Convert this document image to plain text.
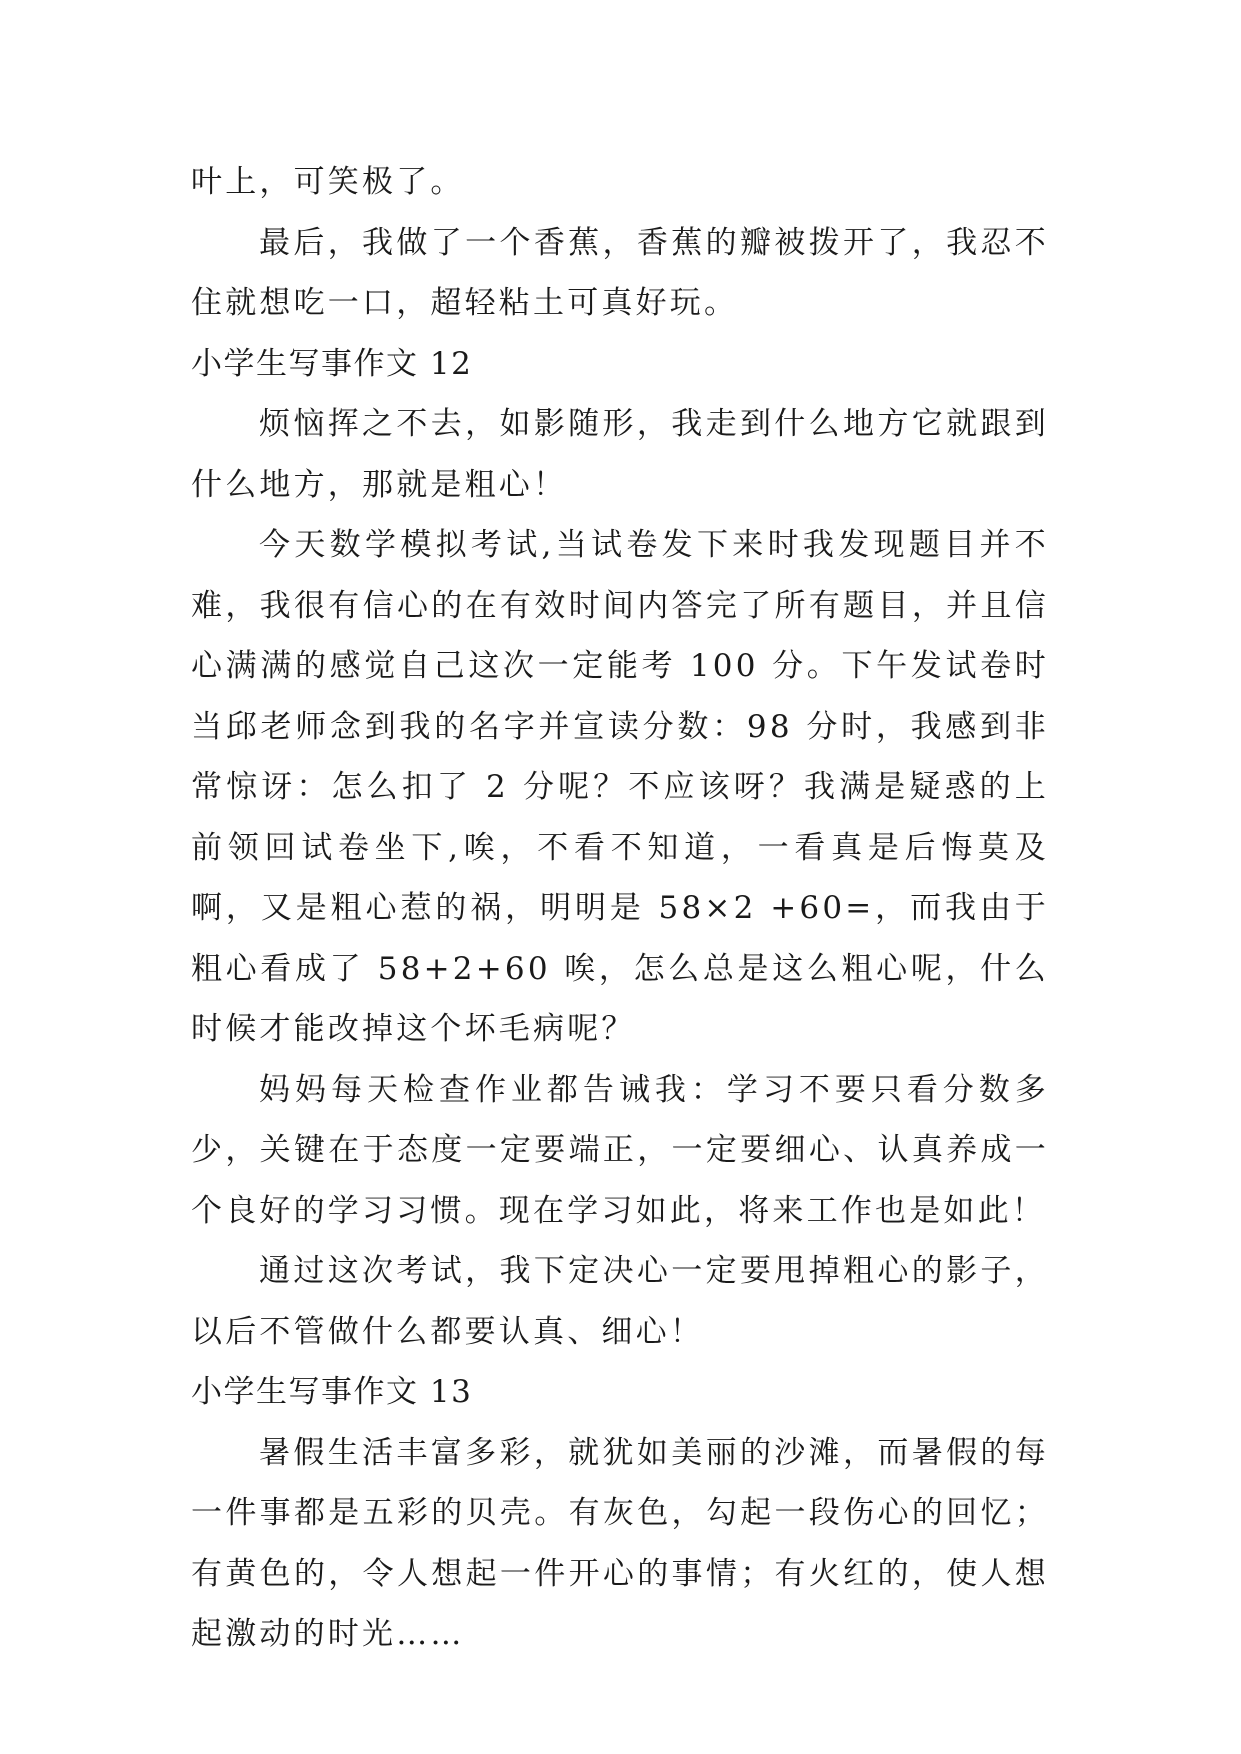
叶上，可笑极了。

最后，我做了一个香蕉，香蕉的瓣被拨开了，我忍不住就想吃一口，超轻粘土可真好玩。

小学生写事作文 12

烦恼挥之不去，如影随形，我走到什么地方它就跟到什么地方，那就是粗心！

今天数学模拟考试,当试卷发下来时我发现题目并不难，我很有信心的在有效时间内答完了所有题目，并且信心满满的感觉自己这次一定能考 100 分。下午发试卷时当邱老师念到我的名字并宣读分数：98 分时，我感到非常惊讶：怎么扣了 2 分呢？不应该呀？我满是疑惑的上前领回试卷坐下,唉，不看不知道，一看真是后悔莫及啊，又是粗心惹的祸，明明是 58×2 +60=，而我由于粗心看成了 58+2+60 唉，怎么总是这么粗心呢，什么时候才能改掉这个坏毛病呢？

妈妈每天检查作业都告诫我：学习不要只看分数多少，关键在于态度一定要端正，一定要细心、认真养成一个良好的学习习惯。现在学习如此，将来工作也是如此！

通过这次考试，我下定决心一定要甩掉粗心的影子，以后不管做什么都要认真、细心！

小学生写事作文 13

暑假生活丰富多彩，就犹如美丽的沙滩，而暑假的每一件事都是五彩的贝壳。有灰色，勾起一段伤心的回忆；有黄色的，令人想起一件开心的事情；有火红的，使人想起激动的时光……
